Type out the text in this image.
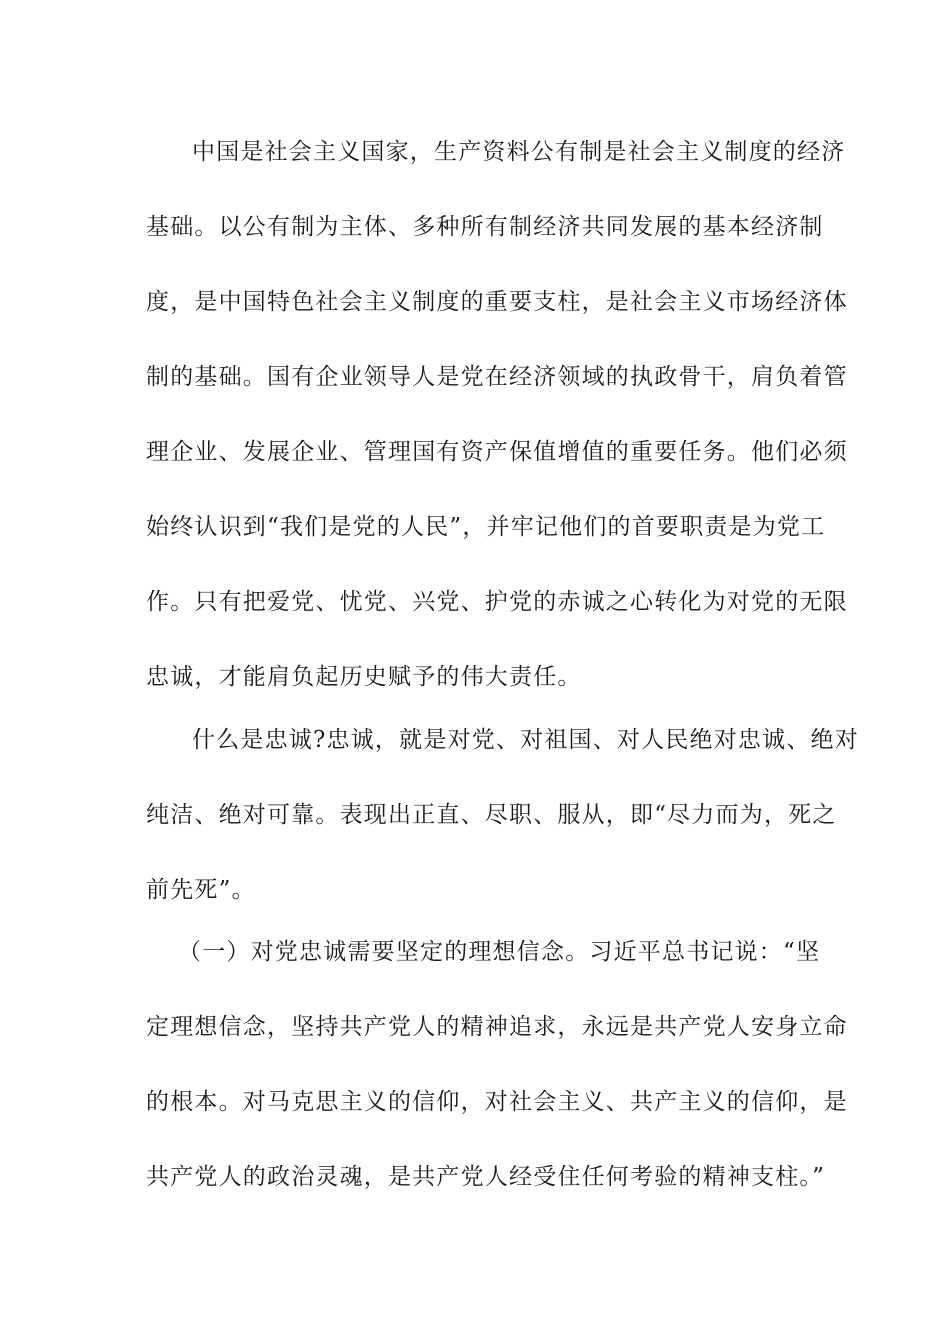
中国是社会主义国家，生产资料公有制是社会主义制度的经济
基础。以公有制为主体、多种所有制经济共同发展的基本经济制
度，是中国特色社会主义制度的重要支柱，是社会主义市场经济体
制的基础。国有企业领导人是党在经济领域的执政骨干，肩负着管
理企业、发展企业、管理国有资产保值增值的重要任务。他们必须
始终认识到“我们是党的人民”，并牢记他们的首要职责是为党工
作。只有把爱党、忧党、兴党、护党的赤诚之心转化为对党的无限
忠诚，才能肩负起历史赋予的伟大责任。
什么是忠诚?忠诚，就是对党、对祖国、对人民绝对忠诚、绝对
纯洁、绝对可靠。表现出正直、尽职、服从，即“尽力而为，死之
前先死”。
（一）对党忠诚需要坚定的理想信念。习近平总书记说：“坚
定理想信念，坚持共产党人的精神追求，永远是共产党人安身立命
的根本。对马克思主义的信仰，对社会主义、共产主义的信仰，是
共产党人的政治灵魂，是共产党人经受住任何考验的精神支柱。”
